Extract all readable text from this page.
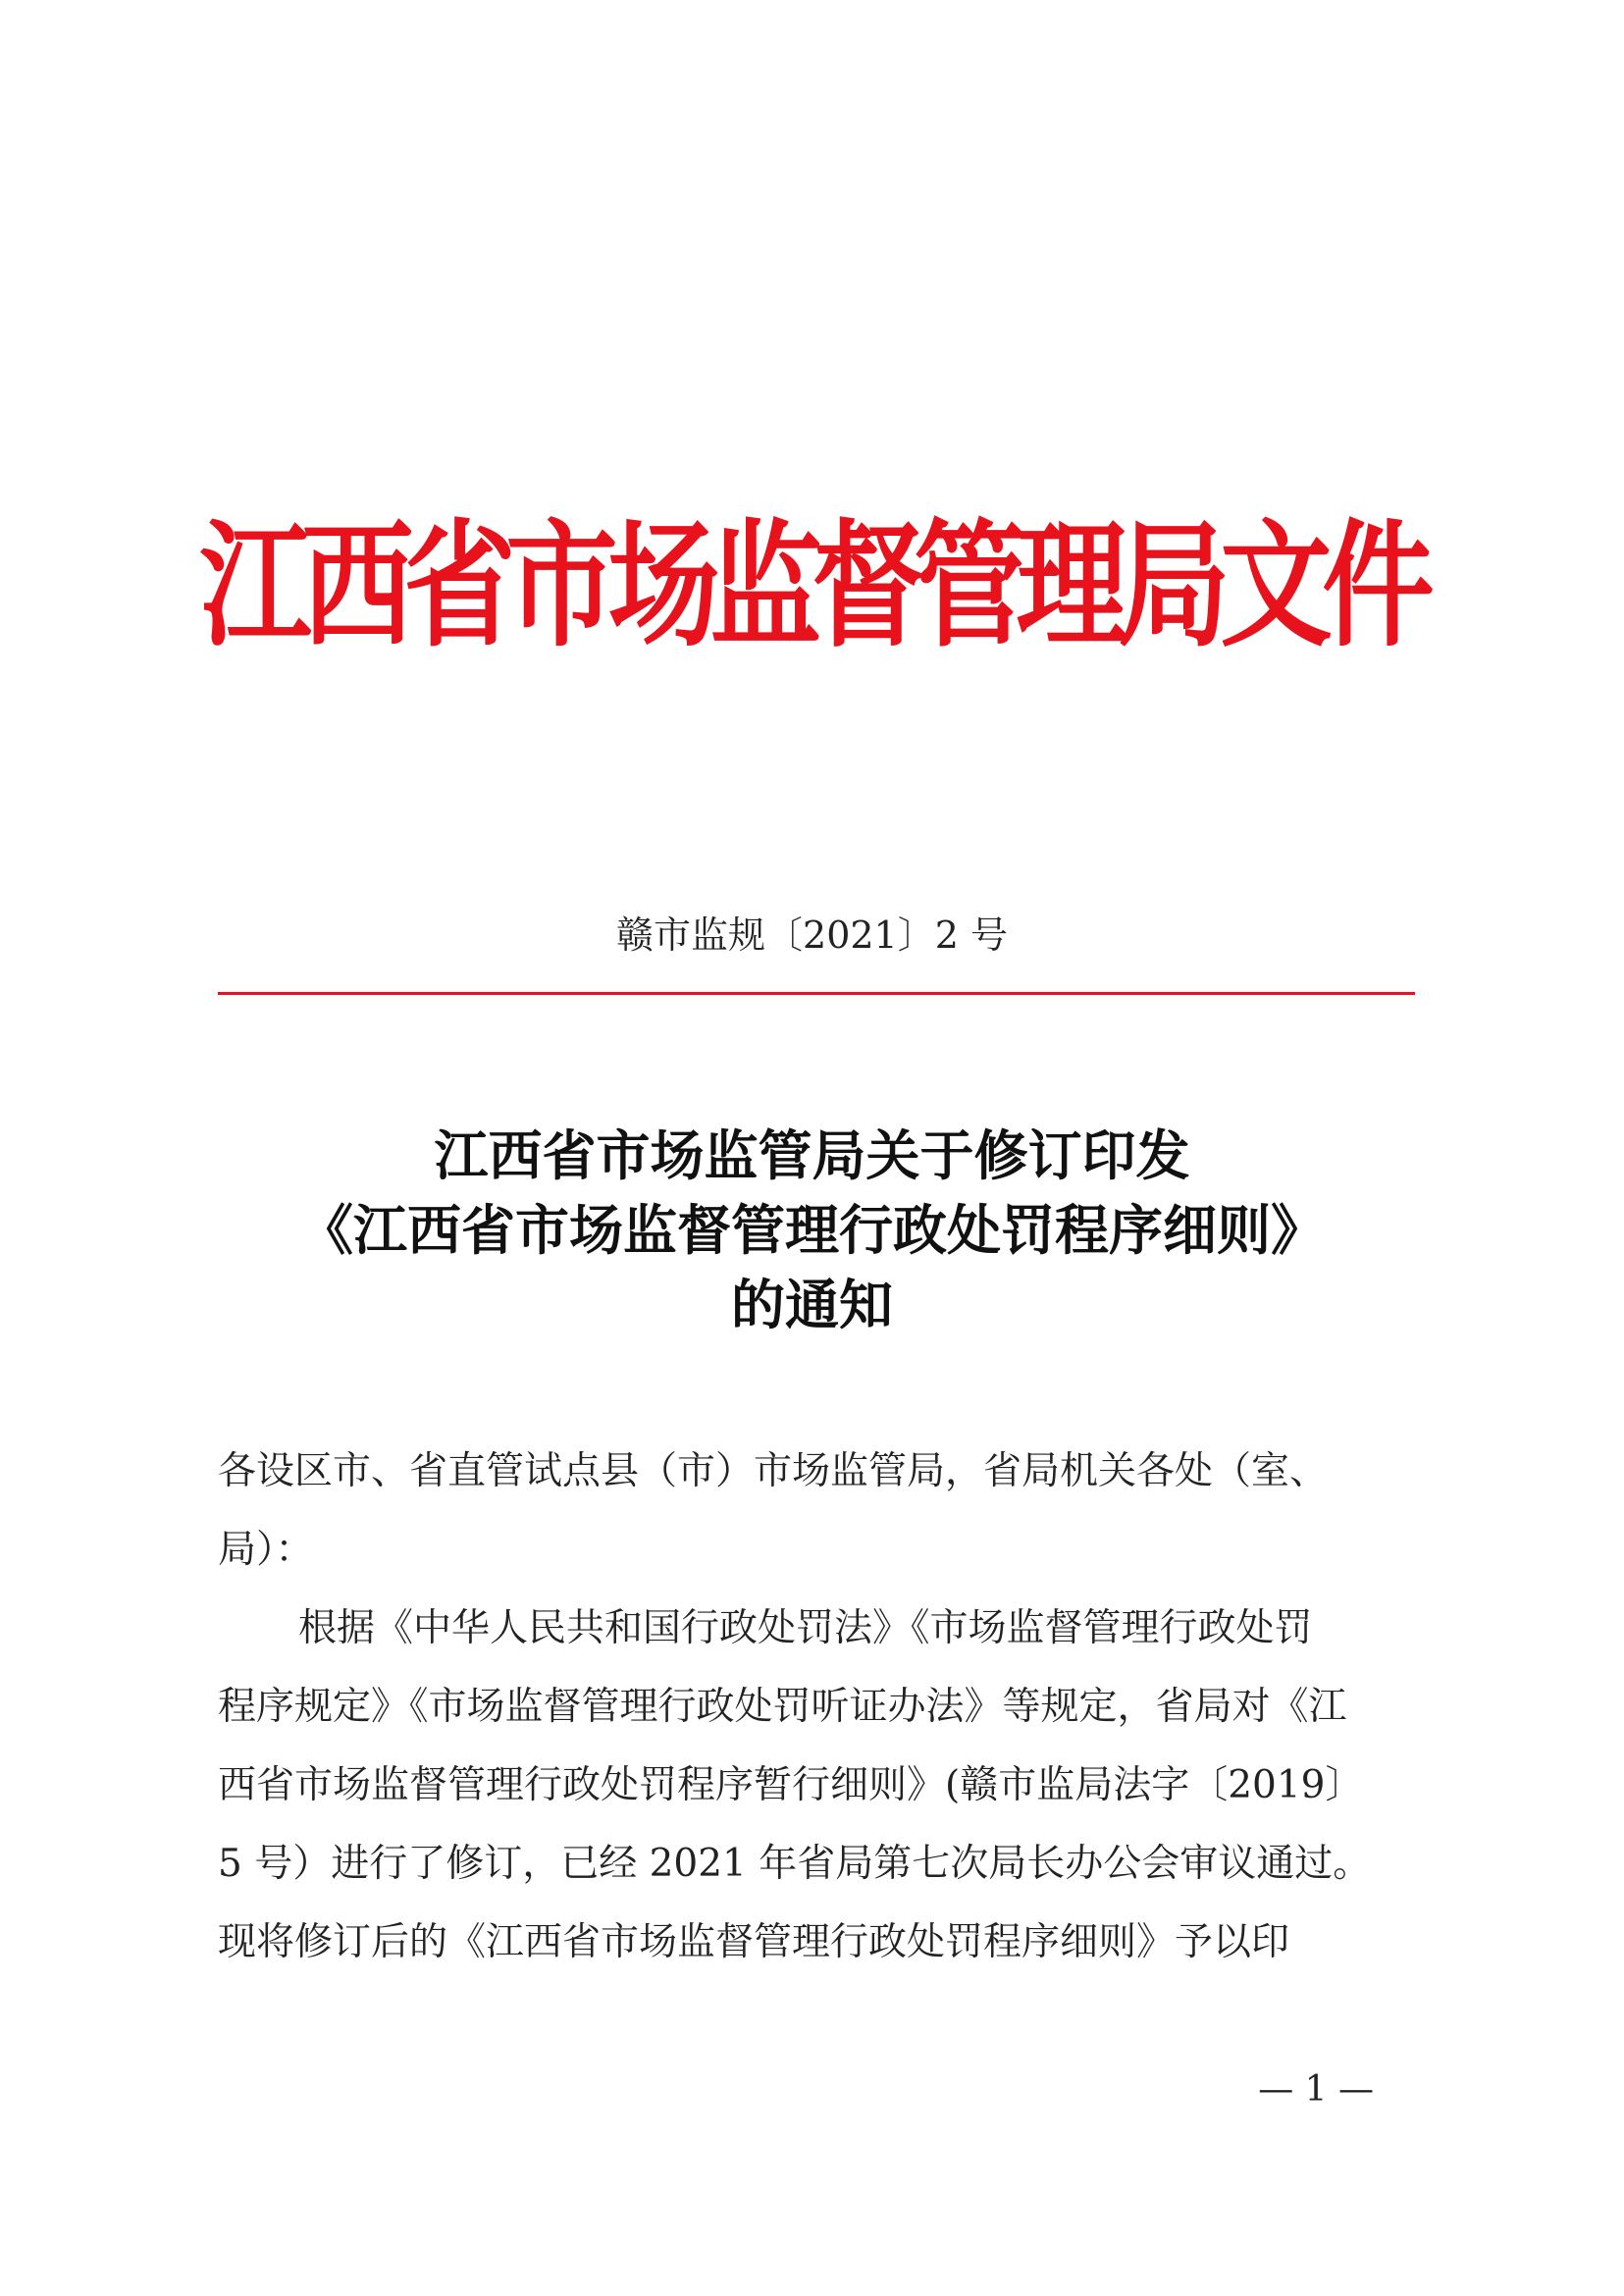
江西省市场监督管理局文件
赣市监规〔2021〕2 号
江西省市场监管局关于修订印发
《江西省市场监督管理行政处罚程序细则》
的通知
各设区市、省直管试点县（市）市场监管局，省局机关各处（室、
局）：
根据《中华人民共和国行政处罚法》《市场监督管理行政处罚
程序规定》《市场监督管理行政处罚听证办法》等规定，省局对《江
西省市场监督管理行政处罚程序暂行细则》(赣市监局法字〔2019〕
5 号）进行了修订，已经 2021 年省局第七次局长办公会审议通过。
现将修订后的《江西省市场监督管理行政处罚程序细则》予以印
— 1 —
